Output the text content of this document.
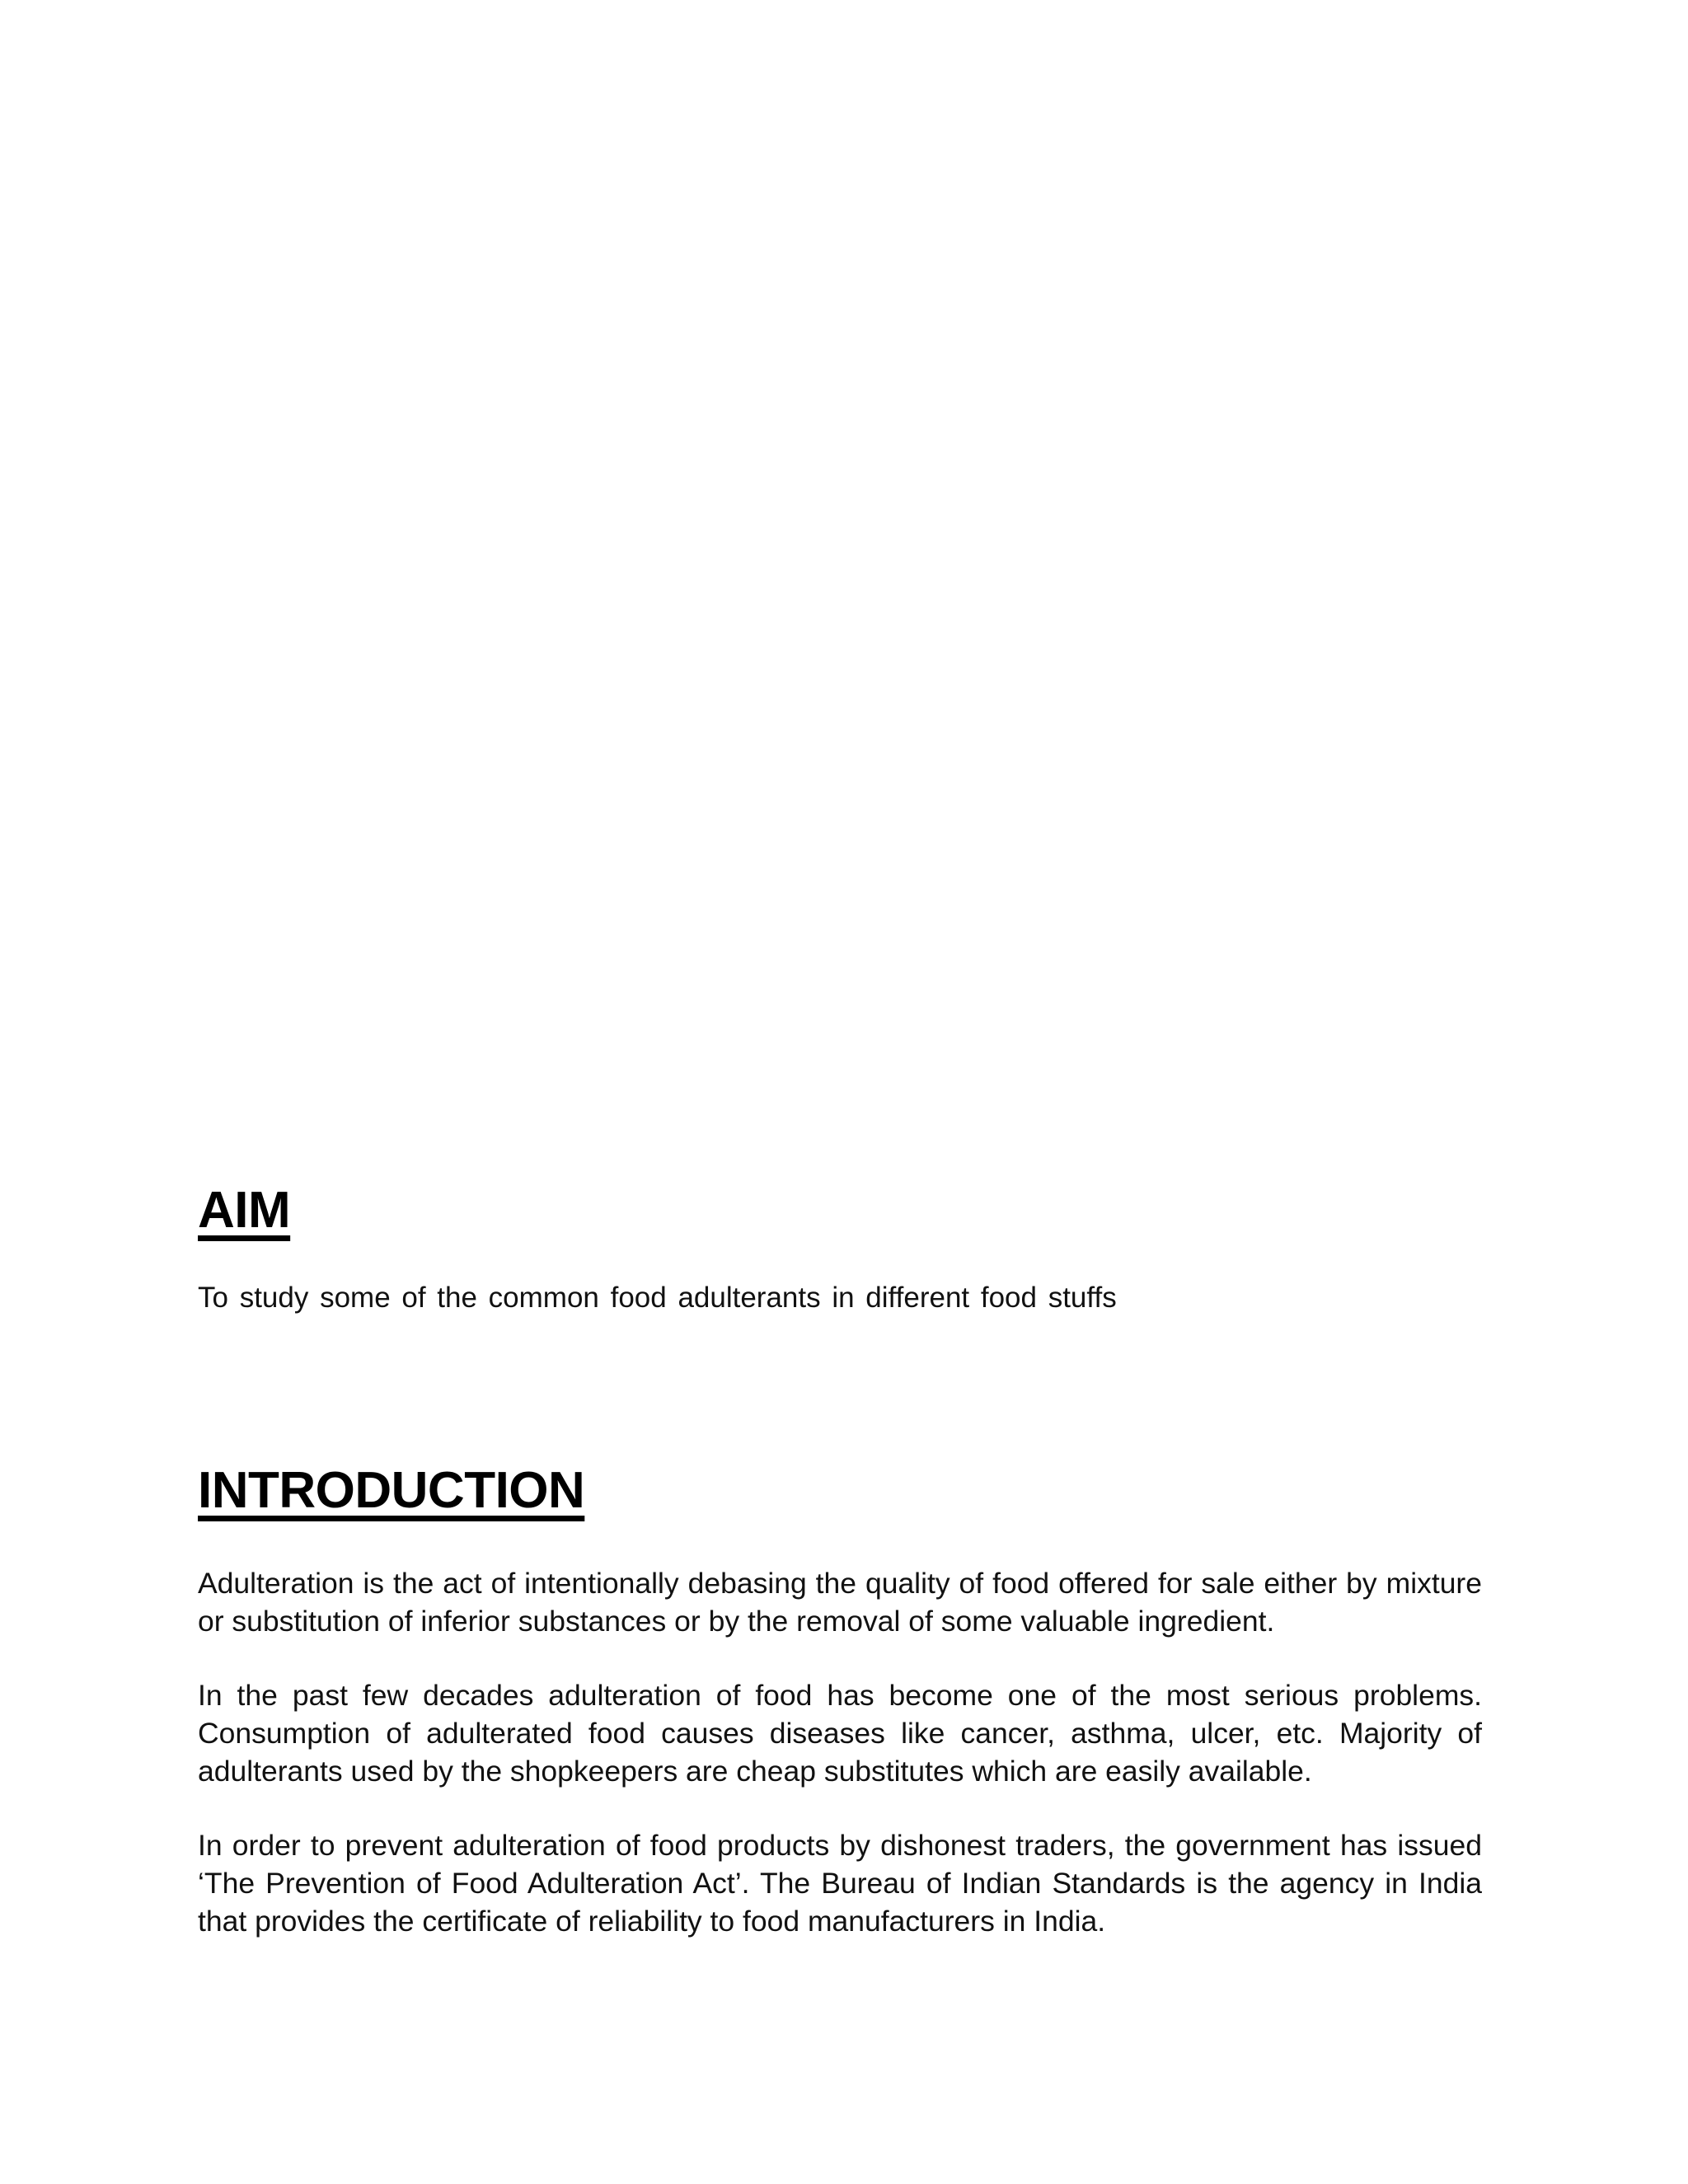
AIM

To study some of the common food adulterants in different food stuffs

INTRODUCTION

Adulteration is the act of intentionally debasing the quality of food offered for sale either by mixture or substitution of inferior substances or by the removal of some valuable ingredient.

In the past few decades adulteration of food has become one of the most serious problems. Consumption of adulterated food causes diseases like cancer, asthma, ulcer, etc. Majority of adulterants used by the shopkeepers are cheap substitutes which are easily available.

In order to prevent adulteration of food products by dishonest traders, the government has issued ‘The Prevention of Food Adulteration Act’. The Bureau of Indian Standards is the agency in India that provides the certificate of reliability to food manufacturers in India.
